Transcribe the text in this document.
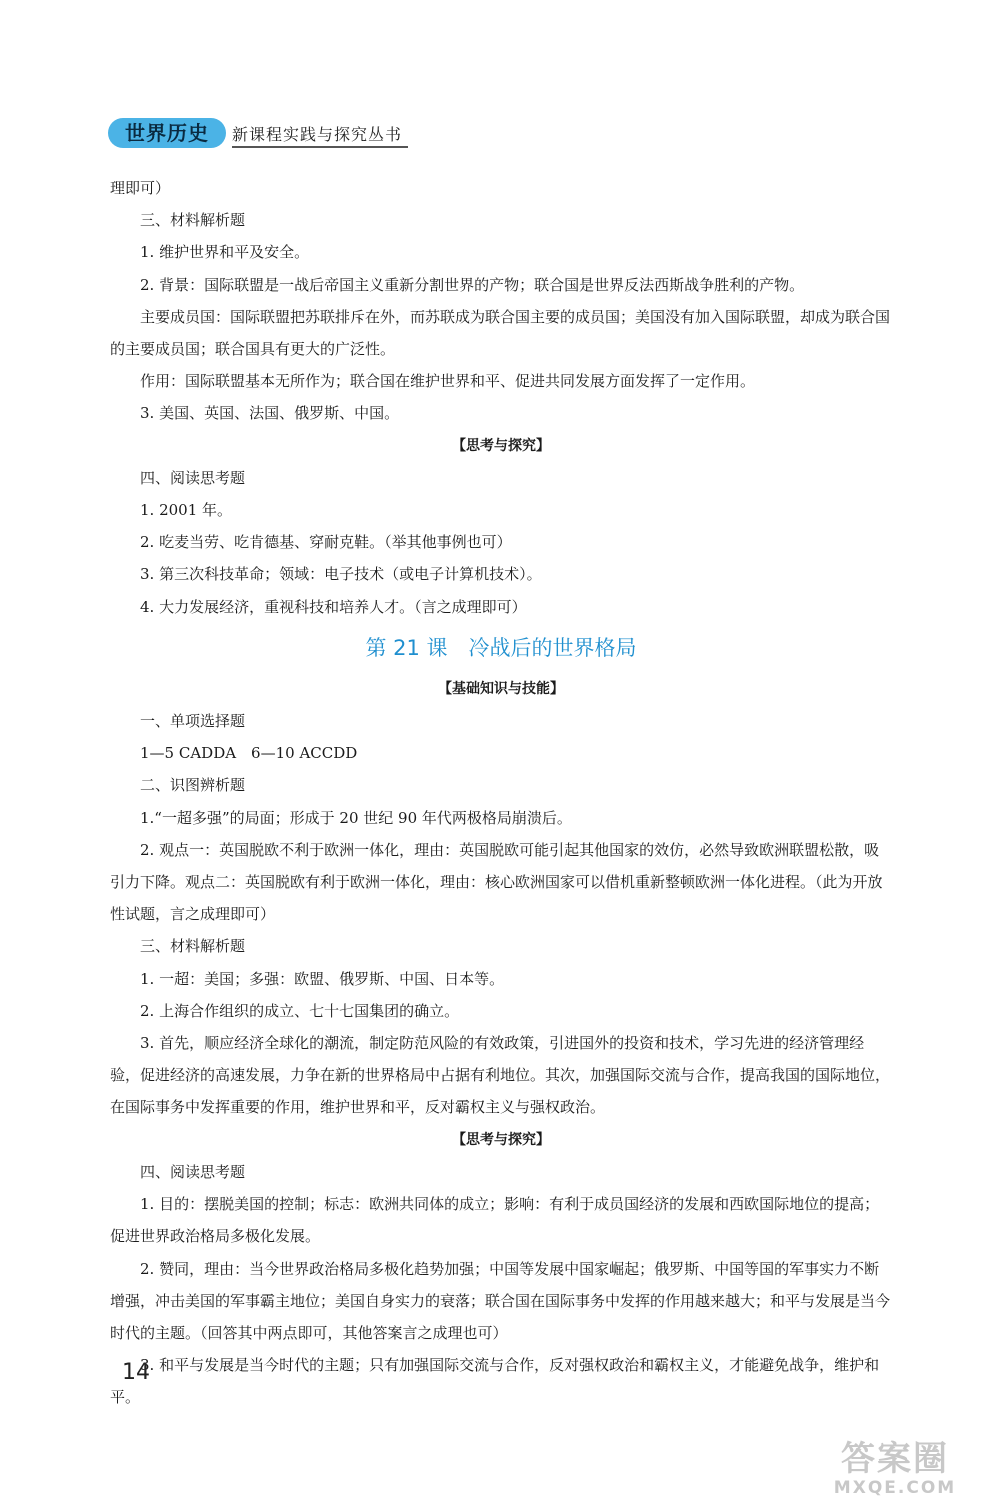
世界历史	新课程实践与探究丛书

理即可）

三、材料解析题

1. 维护世界和平及安全。

2. 背景：国际联盟是一战后帝国主义重新分割世界的产物；联合国是世界反法西斯战争胜利的产物。

主要成员国：国际联盟把苏联排斥在外，而苏联成为联合国主要的成员国；美国没有加入国际联盟，却成为联合国的主要成员国；联合国具有更大的广泛性。

作用：国际联盟基本无所作为；联合国在维护世界和平、促进共同发展方面发挥了一定作用。

3. 美国、英国、法国、俄罗斯、中国。

【思考与探究】

四、阅读思考题

1. 2001 年。

2. 吃麦当劳、吃肯德基、穿耐克鞋。（举其他事例也可）

3. 第三次科技革命；领域：电子技术（或电子计算机技术）。

4. 大力发展经济，重视科技和培养人才。（言之成理即可）

第 21 课　冷战后的世界格局

【基础知识与技能】

一、单项选择题

1—5 CADDA　6—10 ACCDD

二、识图辨析题

1.“一超多强”的局面；形成于 20 世纪 90 年代两极格局崩溃后。

2. 观点一：英国脱欧不利于欧洲一体化，理由：英国脱欧可能引起其他国家的效仿，必然导致欧洲联盟松散，吸引力下降。观点二：英国脱欧有利于欧洲一体化，理由：核心欧洲国家可以借机重新整顿欧洲一体化进程。（此为开放性试题，言之成理即可）

三、材料解析题

1. 一超：美国；多强：欧盟、俄罗斯、中国、日本等。

2. 上海合作组织的成立、七十七国集团的确立。

3. 首先，顺应经济全球化的潮流，制定防范风险的有效政策，引进国外的投资和技术，学习先进的经济管理经验，促进经济的高速发展，力争在新的世界格局中占据有利地位。其次，加强国际交流与合作，提高我国的国际地位，在国际事务中发挥重要的作用，维护世界和平，反对霸权主义与强权政治。

【思考与探究】

四、阅读思考题

1. 目的：摆脱美国的控制；标志：欧洲共同体的成立；影响：有利于成员国经济的发展和西欧国际地位的提高；促进世界政治格局多极化发展。

2. 赞同，理由：当今世界政治格局多极化趋势加强；中国等发展中国家崛起；俄罗斯、中国等国的军事实力不断增强，冲击美国的军事霸主地位；美国自身实力的衰落；联合国在国际事务中发挥的作用越来越大；和平与发展是当今时代的主题。（回答其中两点即可，其他答案言之成理也可）

3. 和平与发展是当今时代的主题；只有加强国际交流与合作，反对强权政治和霸权主义，才能避免战争，维护和平。

14
答案圈
MXQE.COM
